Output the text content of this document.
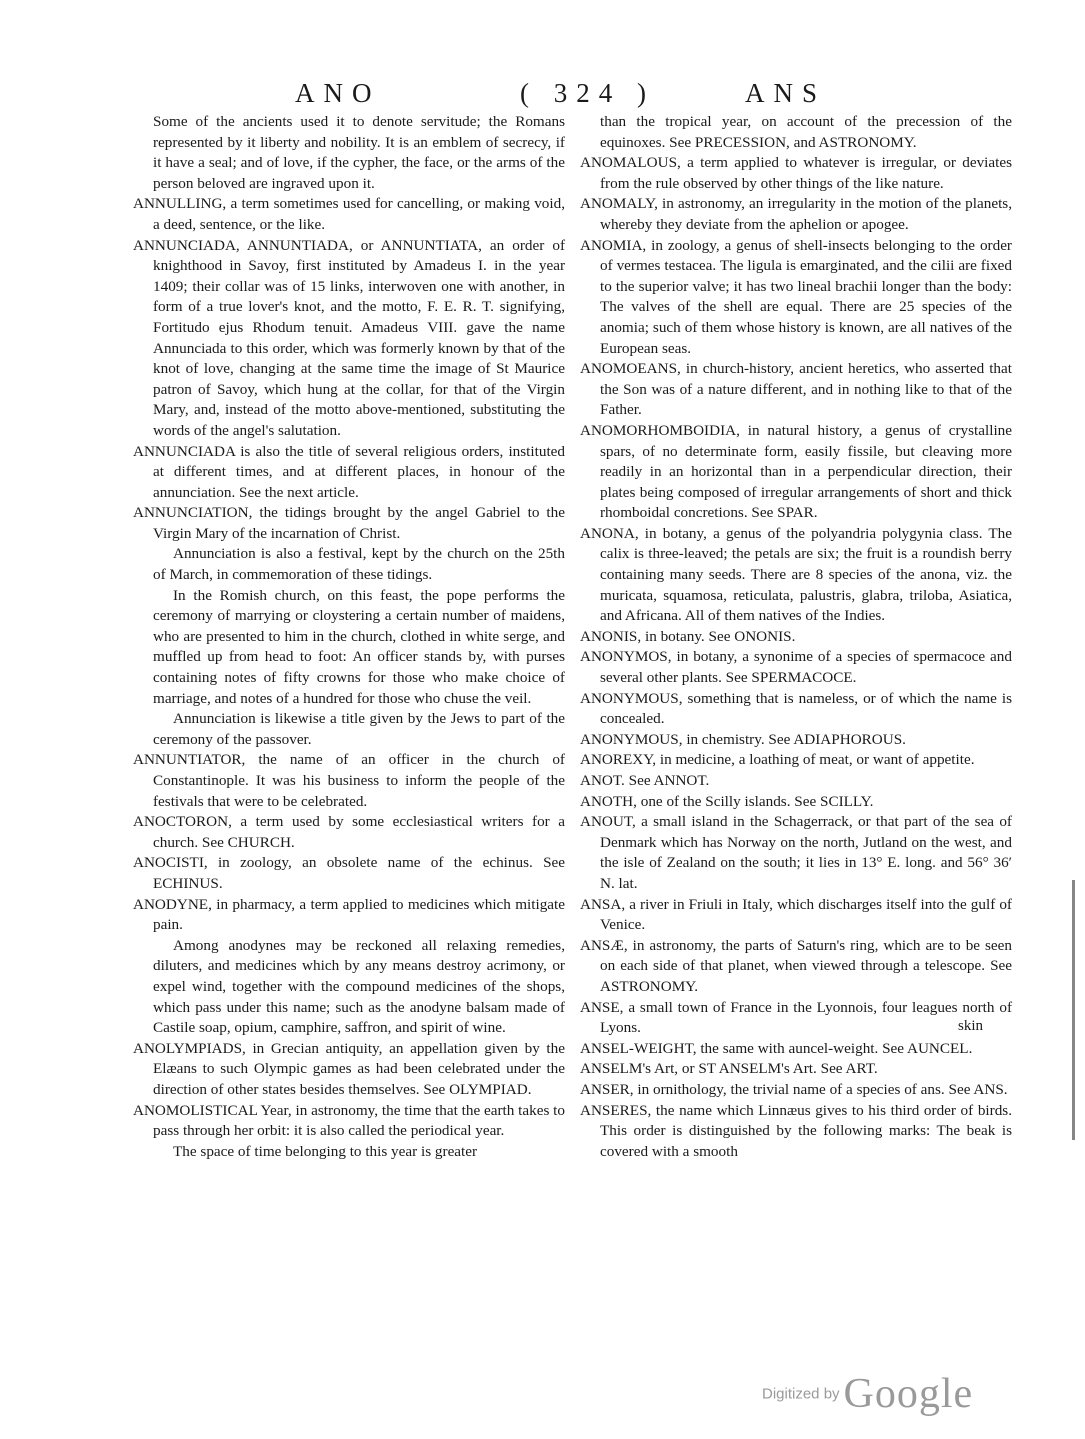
ANO	( 324 )	ANS

Some of the ancients used it to denote servitude; the Romans represented by it liberty and nobility. It is an emblem of secrecy, if it have a seal; and of love, if the cypher, the face, or the arms of the person beloved are ingraved upon it.

ANNULLING, a term sometimes used for cancelling, or making void, a deed, sentence, or the like.

ANNUNCIADA, ANNUNTIADA, or ANNUNTIATA, an order of knighthood in Savoy, first instituted by Amadeus I. in the year 1409; their collar was of 15 links, interwoven one with another, in form of a true lover's knot, and the motto, F. E. R. T. signifying, Fortitudo ejus Rhodum tenuit. Amadeus VIII. gave the name Annunciada to this order, which was formerly known by that of the knot of love, changing at the same time the image of St Maurice patron of Savoy, which hung at the collar, for that of the Virgin Mary, and, instead of the motto above-mentioned, substituting the words of the angel's salutation.

ANNUNCIADA is also the title of several religious orders, instituted at different times, and at different places, in honour of the annunciation. See the next article.

ANNUNCIATION, the tidings brought by the angel Gabriel to the Virgin Mary of the incarnation of Christ.

Annunciation is also a festival, kept by the church on the 25th of March, in commemoration of these tidings.

In the Romish church, on this feast, the pope performs the ceremony of marrying or cloystering a certain number of maidens, who are presented to him in the church, clothed in white serge, and muffled up from head to foot: An officer stands by, with purses containing notes of fifty crowns for those who make choice of marriage, and notes of a hundred for those who chuse the veil.

Annunciation is likewise a title given by the Jews to part of the ceremony of the passover.

ANNUNTIATOR, the name of an officer in the church of Constantinople. It was his business to inform the people of the festivals that were to be celebrated.

ANOCTORON, a term used by some ecclesiastical writers for a church. See CHURCH.

ANOCISTI, in zoology, an obsolete name of the echinus. See ECHINUS.

ANODYNE, in pharmacy, a term applied to medicines which mitigate pain.

Among anodynes may be reckoned all relaxing remedies, diluters, and medicines which by any means destroy acrimony, or expel wind, together with the compound medicines of the shops, which pass under this name; such as the anodyne balsam made of Castile soap, opium, camphire, saffron, and spirit of wine.

ANOLYMPIADS, in Grecian antiquity, an appellation given by the Elæans to such Olympic games as had been celebrated under the direction of other states besides themselves. See OLYMPIAD.

ANOMOLISTICAL Year, in astronomy, the time that the earth takes to pass through her orbit: it is also called the periodical year.

The space of time belonging to this year is greater

than the tropical year, on account of the precession of the equinoxes. See PRECESSION, and ASTRONOMY.

ANOMALOUS, a term applied to whatever is irregular, or deviates from the rule observed by other things of the like nature.

ANOMALY, in astronomy, an irregularity in the motion of the planets, whereby they deviate from the aphelion or apogee.

ANOMIA, in zoology, a genus of shell-insects belonging to the order of vermes testacea. The ligula is emarginated, and the cilii are fixed to the superior valve; it has two lineal brachii longer than the body: The valves of the shell are equal. There are 25 species of the anomia; such of them whose history is known, are all natives of the European seas.

ANOMOEANS, in church-history, ancient heretics, who asserted that the Son was of a nature different, and in nothing like to that of the Father.

ANOMORHOMBOIDIA, in natural history, a genus of crystalline spars, of no determinate form, easily fissile, but cleaving more readily in an horizontal than in a perpendicular direction, their plates being composed of irregular arrangements of short and thick rhomboidal concretions. See SPAR.

ANONA, in botany, a genus of the polyandria polygynia class. The calix is three-leaved; the petals are six; the fruit is a roundish berry containing many seeds. There are 8 species of the anona, viz. the muricata, squamosa, reticulata, palustris, glabra, triloba, Asiatica, and Africana. All of them natives of the Indies.

ANONIS, in botany. See ONONIS.

ANONYMOS, in botany, a synonime of a species of spermacoce and several other plants. See SPERMACOCE.

ANONYMOUS, something that is nameless, or of which the name is concealed.

ANONYMOUS, in chemistry. See ADIAPHOROUS.

ANOREXY, in medicine, a loathing of meat, or want of appetite.

ANOT. See ANNOT.

ANOTH, one of the Scilly islands. See SCILLY.

ANOUT, a small island in the Schagerrack, or that part of the sea of Denmark which has Norway on the north, Jutland on the west, and the isle of Zealand on the south; it lies in 13° E. long. and 56° 36′ N. lat.

ANSA, a river in Friuli in Italy, which discharges itself into the gulf of Venice.

ANSÆ, in astronomy, the parts of Saturn's ring, which are to be seen on each side of that planet, when viewed through a telescope. See ASTRONOMY.

ANSE, a small town of France in the Lyonnois, four leagues north of Lyons.

ANSEL-WEIGHT, the same with auncel-weight. See AUNCEL.

ANSELM's Art, or ST ANSELM's Art. See ART.

ANSER, in ornithology, the trivial name of a species of ans. See ANS.

ANSERES, the name which Linnæus gives to his third order of birds. This order is distinguished by the following marks: The beak is covered with a smooth

skin
Digitized by Google
